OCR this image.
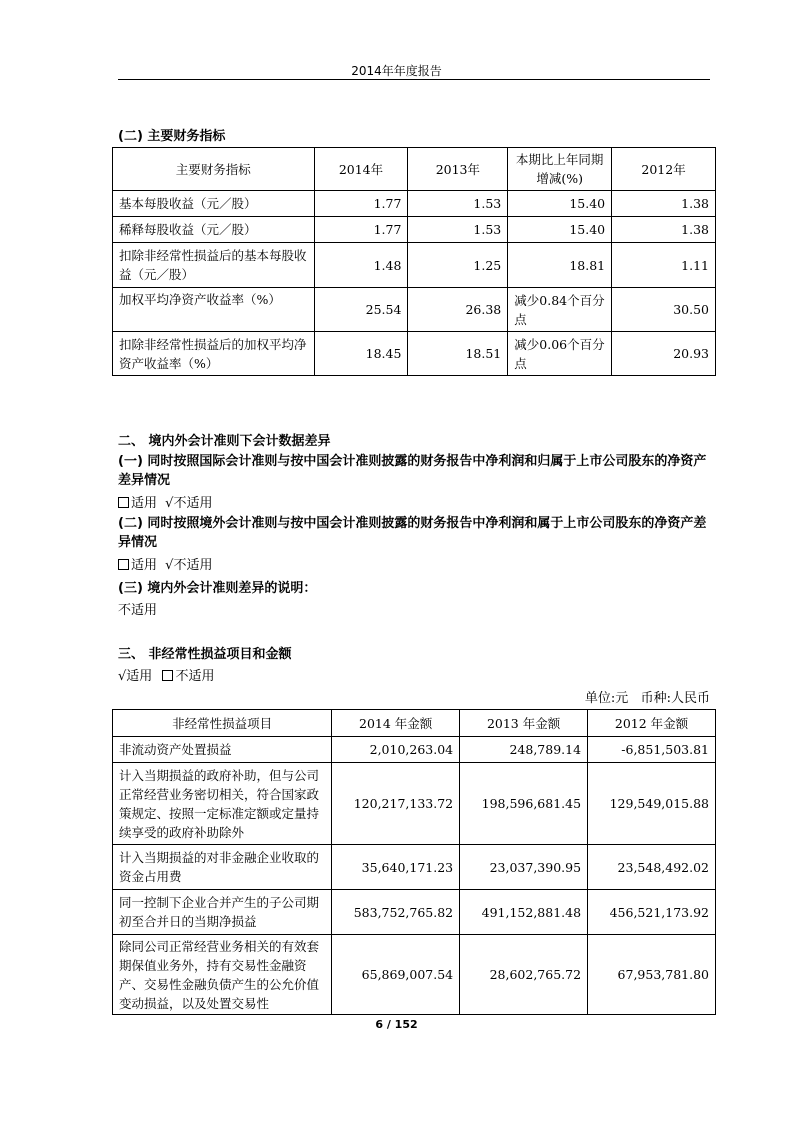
2014年年度报告
(二) 主要财务指标
主要财务指标	2014年	2013年	本期比上年同期增减(%)	2012年
基本每股收益（元／股）	1.77	1.53	15.40	1.38
稀释每股收益（元／股）	1.77	1.53	15.40	1.38
扣除非经常性损益后的基本每股收益（元／股）	1.48	1.25	18.81	1.11
加权平均净资产收益率（%）	25.54	26.38	减少0.84个百分点	30.50
扣除非经常性损益后的加权平均净资产收益率（%）	18.45	18.51	减少0.06个百分点	20.93
二、 境内外会计准则下会计数据差异
(一) 同时按照国际会计准则与按中国会计准则披露的财务报告中净利润和归属于上市公司股东的净资产差异情况
适用 √不适用
(二) 同时按照境外会计准则与按中国会计准则披露的财务报告中净利润和属于上市公司股东的净资产差异情况
适用 √不适用
(三) 境内外会计准则差异的说明：
不适用
三、 非经常性损益项目和金额
√适用 不适用
单位:元   币种:人民币
非经常性损益项目	2014 年金额	2013 年金额	2012 年金额
非流动资产处置损益	2,010,263.04	248,789.14	-6,851,503.81
计入当期损益的政府补助，但与公司正常经营业务密切相关，符合国家政策规定、按照一定标准定额或定量持续享受的政府补助除外	120,217,133.72	198,596,681.45	129,549,015.88
计入当期损益的对非金融企业收取的资金占用费	35,640,171.23	23,037,390.95	23,548,492.02
同一控制下企业合并产生的子公司期初至合并日的当期净损益	583,752,765.82	491,152,881.48	456,521,173.92
除同公司正常经营业务相关的有效套期保值业务外，持有交易性金融资产、交易性金融负债产生的公允价值变动损益，以及处置交易性	65,869,007.54	28,602,765.72	67,953,781.80
6 / 152
